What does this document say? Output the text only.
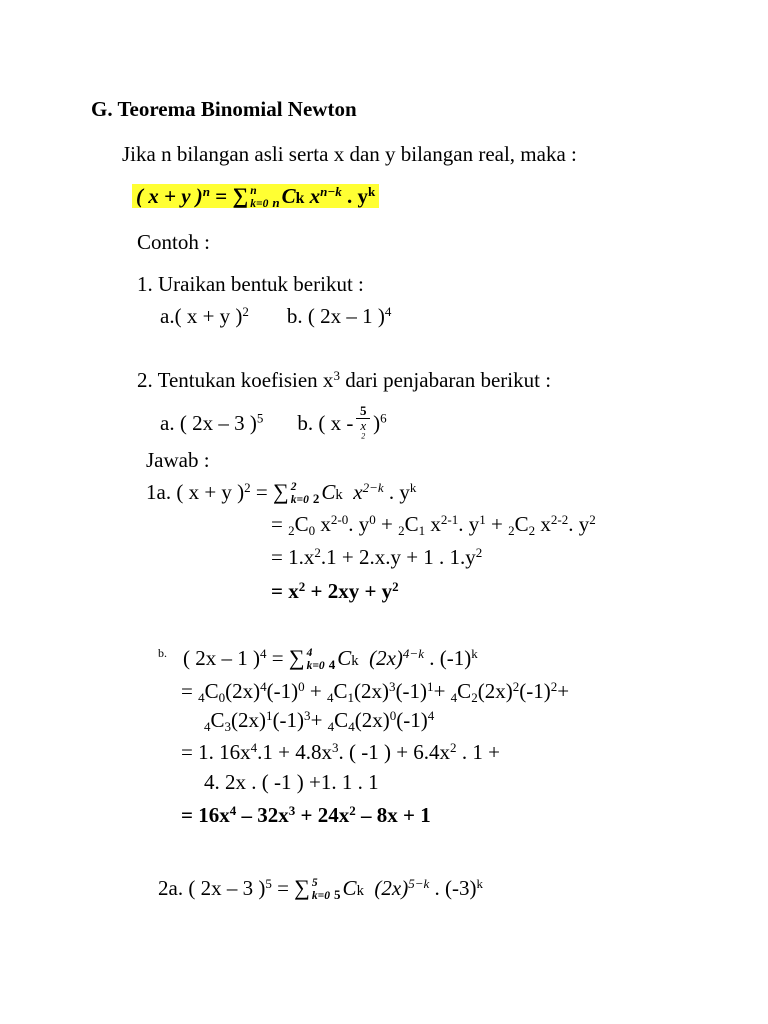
G. Teorema Binomial Newton
Jika n bilangan asli serta x dan y bilangan real, maka :
( x + y )$^n$ = ∑ n
k=0 nCk $x^{n-k}$ . $y^k$
Contoh :
1. Uraikan bentuk berikut :
a.( x + y )$^2$ b. ( 2x – 1 )$^4$
2. Tentukan koefisien $x^3$ dari penjabaran berikut :
a. ( 2x – 3 )$^5$ b. ( x - 5
x
$^2$ )$^6$
Jawab :
1a. ( x + y )$^2$ = ∑ 2
k=0 2Ck $x^{2-k}$ . $y^k$
= $_2C_0$ $x^{2-0}$. $y^0 + _2C_1$ $x^{2-1}$. $y^1 + _2C_2$ $x^{2-2}$. $y^2$
= $1.x^2.1 + 2.x.y + 1$ . $1.y^2$
= $x^2 + 2xy + y^2$
$^{b.}$ ( 2x – 1 )$^4$ = ∑ 4
k=0 4Ck $(2x)^{4-k}$ . $(-1)^k$
= $_4C_0(2x)^4(-1)^0 + _4C_1(2x)^3(-1)^1+ _4C_2(2x)^2(-1)^2+$
$_4C_3(2x)^1(-1)^3+ _4C_4(2x)^0(-1)^4$
= 1. $16x^4.1 + 4.8x^3$. ( -1 ) + $6.4x^2$ . 1 +
4. 2x . ( -1 ) +1. 1 . 1
= $16x^4 - 32x^3 + 24x^2 - 8x + 1$
2a. ( 2x – 3 )$^5$ = ∑ 5
k=0 5Ck $(2x)^{5-k}$ . $(-3)^k$
